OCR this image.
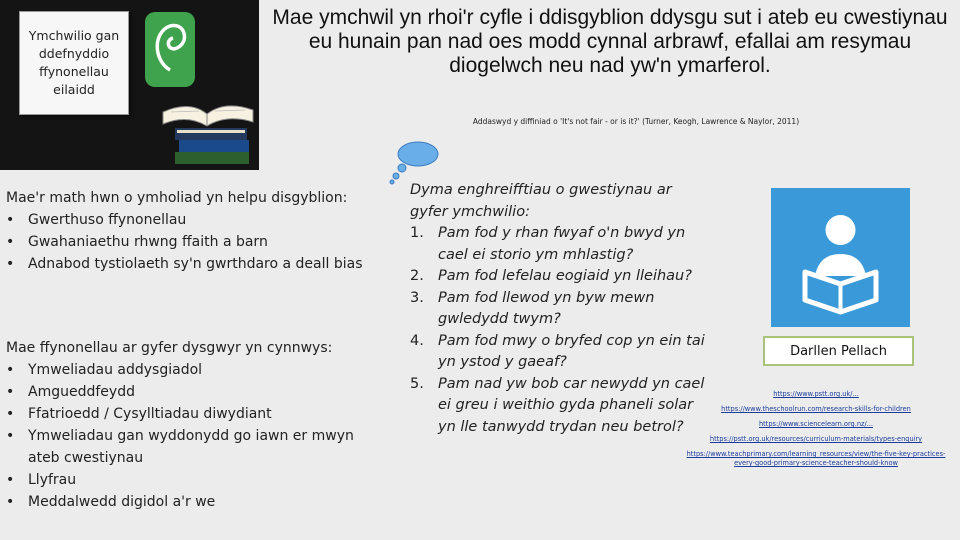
Ymchwilio gan ddefnyddio ffynonellau eilaidd
Mae ymchwil yn rhoi'r cyfle i ddisgyblion ddysgu sut i ateb eu cwestiynau eu hunain pan nad oes modd cynnal arbrawf, efallai am resymau diogelwch neu nad yw'n ymarferol.
Addaswyd y diffiniad o 'It's not fair - or is it?' (Turner, Keogh, Lawrence & Naylor, 2011)

Mae'r math hwn o ymholiad yn helpu disgyblion:

• Gwerthuso ffynonellau
• Gwahaniaethu rhwng ffaith a barn
• Adnabod tystiolaeth sy'n gwrthdaro a deall bias

Mae ffynonellau ar gyfer dysgwyr yn cynnwys:

• Ymweliadau addysgiadol
• Amgueddfeydd
• Ffatrioedd / Cysylltiadau diwydiant
• Ymweliadau gan wyddonydd go iawn er mwyn ateb cwestiynau
• Llyfrau
• Meddalwedd digidol a'r we

Dyma enghreifftiau o gwestiynau ar gyfer ymchwilio:

1. Pam fod y rhan fwyaf o'n bwyd yn cael ei storio ym mhlastig?
2. Pam fod lefelau eogiaid yn lleihau?
3. Pam fod llewod yn byw mewn gwledydd twym?
4. Pam fod mwy o bryfed cop yn ein tai yn ystod y gaeaf?
5. Pam nad yw bob car newydd yn cael ei greu i weithio gyda phaneli solar yn lle tanwydd trydan neu betrol?
Darllen Pellach
https://www.pstt.org.uk/...
https://www.theschoolrun.com/research-skills-for-children
https://www.sciencelearn.org.nz/...
https://pstt.org.uk/resources/curriculum-materials/types-enquiry
https://www.teachprimary.com/learning_resources/view/the-five-key-practices-every-good-primary-science-teacher-should-know
